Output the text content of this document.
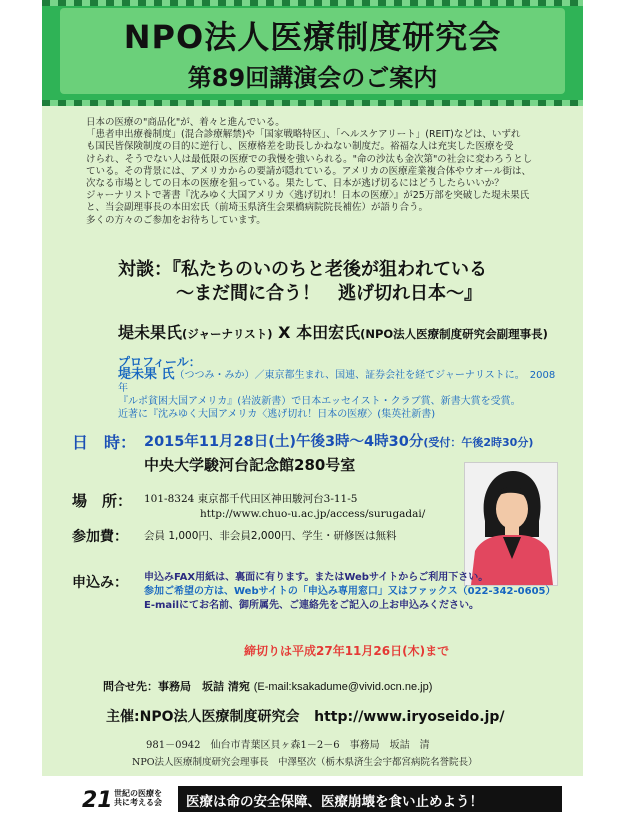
NPO法人医療制度研究会
第89回講演会のご案内

日本の医療の"商品化"が、着々と進んでいる。

「患者申出療養制度」(混合診療解禁)や「国家戦略特区」、「ヘルスケアリート」(REIT)などは、いずれ

も国民皆保険制度の目的に逆行し、医療格差を助長しかねない制度だ。裕福な人は充実した医療を受

けられ、そうでない人は最低限の医療での我慢を強いられる。"命の沙汰も金次第"の社会に変わろうとし

ている。その背景には、アメリカからの要請が隠れている。アメリカの医療産業複合体やウオール街は、

次なる市場としての日本の医療を狙っている。果たして、日本が逃げ切るにはどうしたらいいか？

ジャーナリストで著書『沈みゆく大国アメリカ〈逃げ切れ！日本の医療〉』が25万部を突破した堤未果氏

と、当会副理事長の本田宏氏（前埼玉県済生会栗橋病院院長補佐）が語り合う。

多くの方々のご参加をお待ちしています。

対談：『私たちのいのちと老後が狙われている
～まだ間に合う！　逃げ切れ日本～』
堤未果氏(ジャーナリスト) X 本田宏氏(NPO法人医療制度研究会副理事長)
プロフィール：

堤未果 氏（つつみ・みか）／東京都生まれ、国連、証券会社を経てジャーナリストに。　2008年

『ルポ貧困大国アメリカ』(岩波新書）で日本エッセイスト・クラブ賞、新書大賞を受賞。

近著に『沈みゆく大国アメリカ〈逃げ切れ！日本の医療〉(集英社新書)

日　時： 2015年11月28日(土)午後3時～4時30分(受付：午後2時30分)
中央大学駿河台記念館280号室
場　所： 101-8324 東京都千代田区神田駿河台3-11-5
http://www.chuo-u.ac.jp/access/surugadai/
参加費： 会員 1,000円、非会員2,000円、学生・研修医は無料
申込み： 申込みFAX用紙は、裏面に有ります。またはWebサイトからご利用下さい。

参加ご希望の方は、Webサイトの「申込み専用窓口」又はファックス（022-342-0605）

E-mailにてお名前、御所属先、ご連絡先をご記入の上お申込みください。

締切りは平成27年11月26日(木)まで
問合せ先：事務局　坂詰 清宛 (E-mail:ksakadume@vivid.ocn.ne.jp)
主催:NPO法人医療制度研究会 http://www.iryoseido.jp/
981－0942　仙台市青葉区貝ヶ森1－2－6　事務局　坂詰　清
NPO法人医療制度研究会理事長　中澤堅次（栃木県済生会宇都宮病院名誉院長）
21 世紀の医療を
共に考える会 医療は命の安全保障、医療崩壊を食い止めよう！
